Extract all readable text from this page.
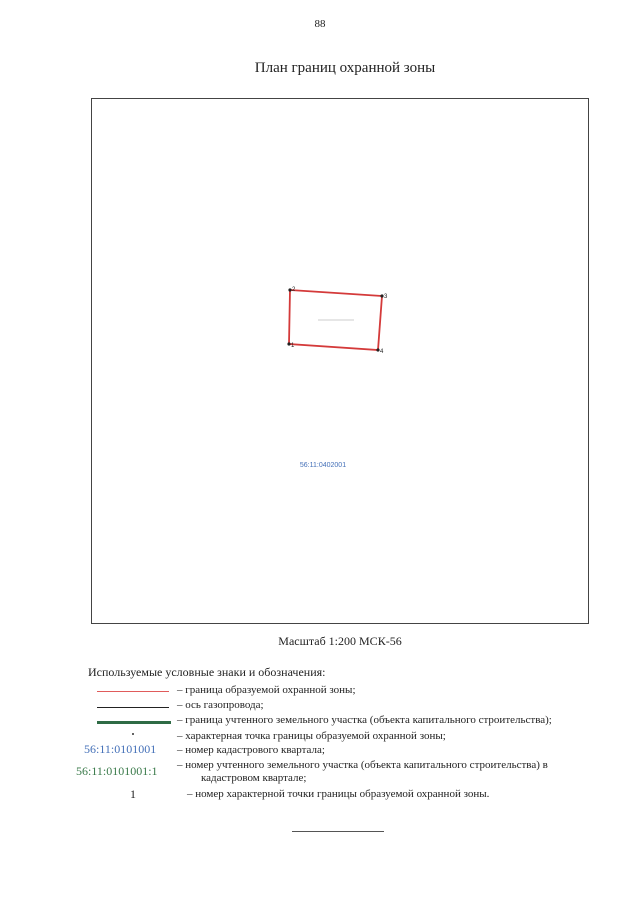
88
План границ охранной зоны
1
2
3
4
56:11:0402001
Масштаб 1:200 МСК-56
Используемые условные знаки и обозначения:
– граница образуемой охранной зоны;
– ось газопровода;
– граница учтенного земельного участка (объекта капитального строительства);
– характерная точка границы образуемой охранной зоны;
56:11:0101001 – номер кадастрового квартала;
56:11:0101001:1 – номер учтенного земельного участка (объекта капитального строительства) в
кадастровом квартале;
1	– номер характерной точки границы образуемой охранной зоны.
